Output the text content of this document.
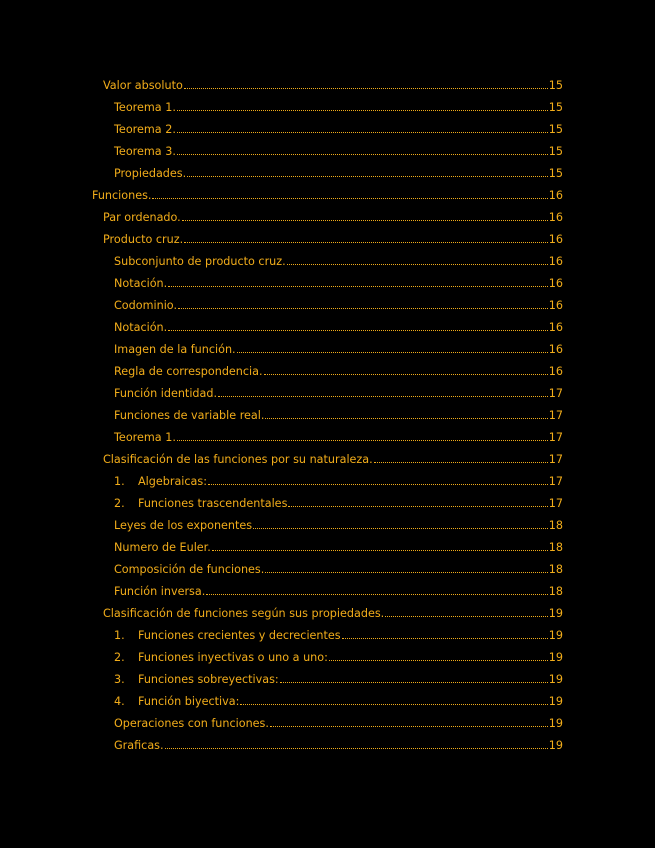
Valor absoluto	15
Teorema 1.	15
Teorema 2.	15
Teorema 3.	15
Propiedades.	15
Funciones.	16
Par ordenado.	16
Producto cruz.	16
Subconjunto de producto cruz.	16
Notación.	16
Codominio.	16
Notación.	16
Imagen de la función.	16
Regla de correspondencia.	16
Función identidad.	17
Funciones de variable real.	17
Teorema 1.	17
Clasificación de las funciones por su naturaleza.	17
1.	Algebraicas:	17
2.	Funciones trascendentales	17
Leyes de los exponentes	18
Numero de Euler.	18
Composición de funciones.	18
Función inversa.	18
Clasificación de funciones según sus propiedades.	19
1.	Funciones crecientes y decrecientes	19
2.	Funciones inyectivas o uno a uno:	19
3.	Funciones sobreyectivas:	19
4.	Función biyectiva:	19
Operaciones con funciones.	19
Graficas.	19
